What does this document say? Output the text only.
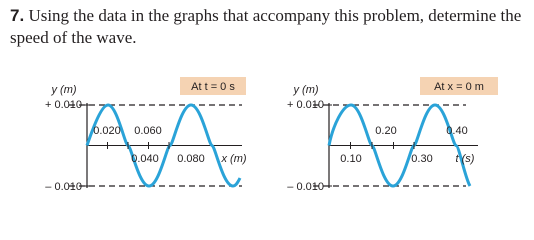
7. Using the data in the graphs that accompany this problem, determine the speed of the wave.

At t = 0 s
y (m)
+ 0.010
– 0.010
0.020
0.040
0.060
0.080 x (m)
At x = 0 m
y (m)
+ 0.010
– 0.010
0.10
0.20
0.30
0.40
t (s)
